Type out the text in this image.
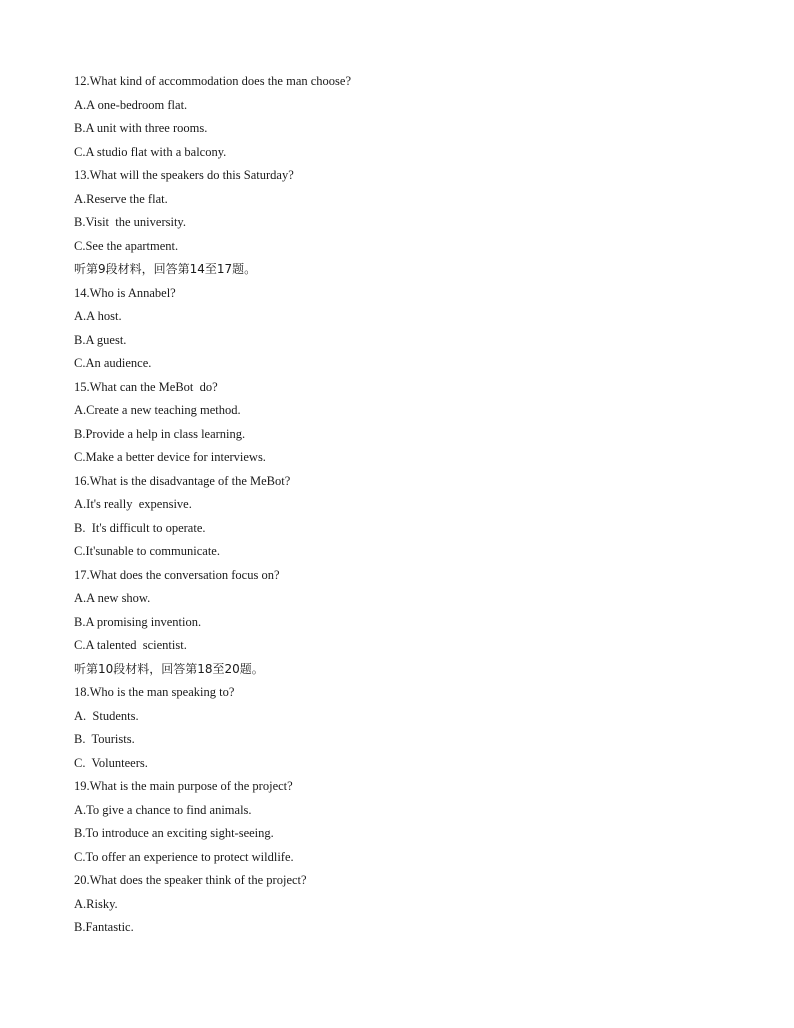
12.What kind of accommodation does the man choose?
A.A one-bedroom flat.
B.A unit with three rooms.
C.A studio flat with a balcony.
13.What will the speakers do this Saturday?
A.Reserve the flat.
B.Visit  the university.
C.See the apartment.
听第9段材料，回答第14至17题。
14.Who is Annabel?
A.A host.
B.A guest.
C.An audience.
15.What can the MeBot  do?
A.Create a new teaching method.
B.Provide a help in class learning.
C.Make a better device for interviews.
16.What is the disadvantage of the MeBot?
A.It's really  expensive.
B.  It's difficult to operate.
C.It'sunable to communicate.
17.What does the conversation focus on?
A.A new show.
B.A promising invention.
C.A talented  scientist.
听第10段材料，回答第18至20题。
18.Who is the man speaking to?
A.  Students.
B.  Tourists.
C.  Volunteers.
19.What is the main purpose of the project?
A.To give a chance to find animals.
B.To introduce an exciting sight-seeing.
C.To offer an experience to protect wildlife.
20.What does the speaker think of the project?
A.Risky.
B.Fantastic.
